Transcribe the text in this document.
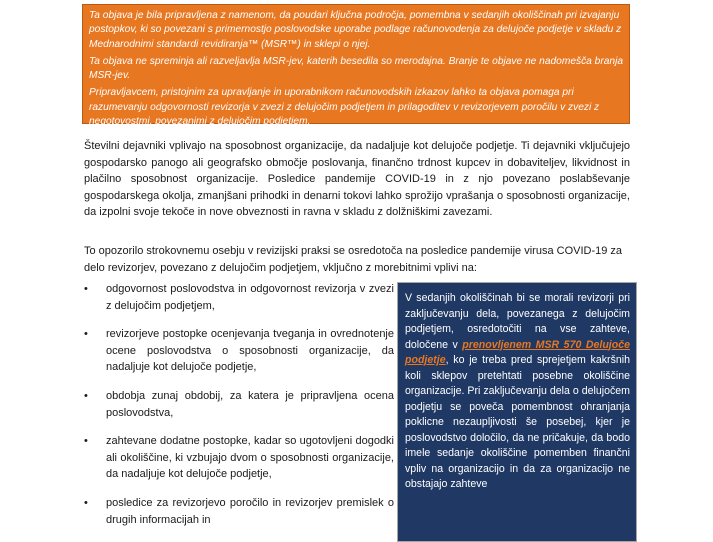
Ta objava je bila pripravljena z namenom, da poudari ključna področja, pomembna v sedanjih okoliščinah pri izvajanju postopkov, ki so povezani s primernostjo poslovodske uporabe podlage računovodenja za delujoče podjetje v skladu z Mednarodnimi standardi revidiranja™ (MSR™) in sklepi o njej.

Ta objava ne spreminja ali razveljavlja MSR-jev, katerih besedila so merodajna. Branje te objave ne nadomešča branja MSR-jev.

Pripravljavcem, pristojnim za upravljanje in uporabnikom računovodskih izkazov lahko ta objava pomaga pri razumevanju odgovornosti revizorja v zvezi z delujočim podjetjem in prilagoditev v revizorjevem poročilu v zvezi z negotovostmi, povezanimi z delujočim podjetjem.

Številni dejavniki vplivajo na sposobnost organizacije, da nadaljuje kot delujoče podjetje. Ti dejavniki vključujejo gospodarsko panogo ali geografsko območje poslovanja, finančno trdnost kupcev in dobaviteljev, likvidnost in plačilno sposobnost organizacije. Posledice pandemije COVID-19 in z njo povezano poslabševanje gospodarskega okolja, zmanjšani prihodki in denarni tokovi lahko sprožijo vprašanja o sposobnosti organizacije, da izpolni svoje tekoče in nove obveznosti in ravna v skladu z dolžniškimi zavezami.

To opozorilo strokovnemu osebju v revizijski praksi se osredotoča na posledice pandemije virusa COVID-19 za delo revizorjev, povezano z delujočim podjetjem, vključno z morebitnimi vplivi na:

• odgovornost poslovodstva in odgovornost revizorja v zvezi z delujočim podjetjem,
• revizorjeve postopke ocenjevanja tveganja in ovrednotenje ocene poslovodstva o sposobnosti organizacije, da nadaljuje kot delujoče podjetje,
• obdobja zunaj obdobij, za katera je pripravljena ocena poslovodstva,
• zahtevane dodatne postopke, kadar so ugotovljeni dogodki ali okoliščine, ki vzbujajo dvom o sposobnosti organizacije, da nadaljuje kot delujoče podjetje,
• posledice za revizorjevo poročilo in revizorjev premislek o drugih informacijah in
V sedanjih okoliščinah bi se morali revizorji pri zaključevanju dela, povezanega z delujočim podjetjem, osredotočiti na vse zahteve, določene v prenovljenem MSR 570 Delujoče podjetje, ko je treba pred sprejetjem kakršnih koli sklepov pretehtati posebne okoliščine organizacije. Pri zaključevanju dela o delujočem podjetju se poveča pomembnost ohranjanja poklicne nezaupljivosti še posebej, kjer je poslovodstvo določilo, da ne pričakuje, da bodo imele sedanje okoliščine pomemben finančni vpliv na organizacijo in da za organizacijo ne obstajajo zahteve
